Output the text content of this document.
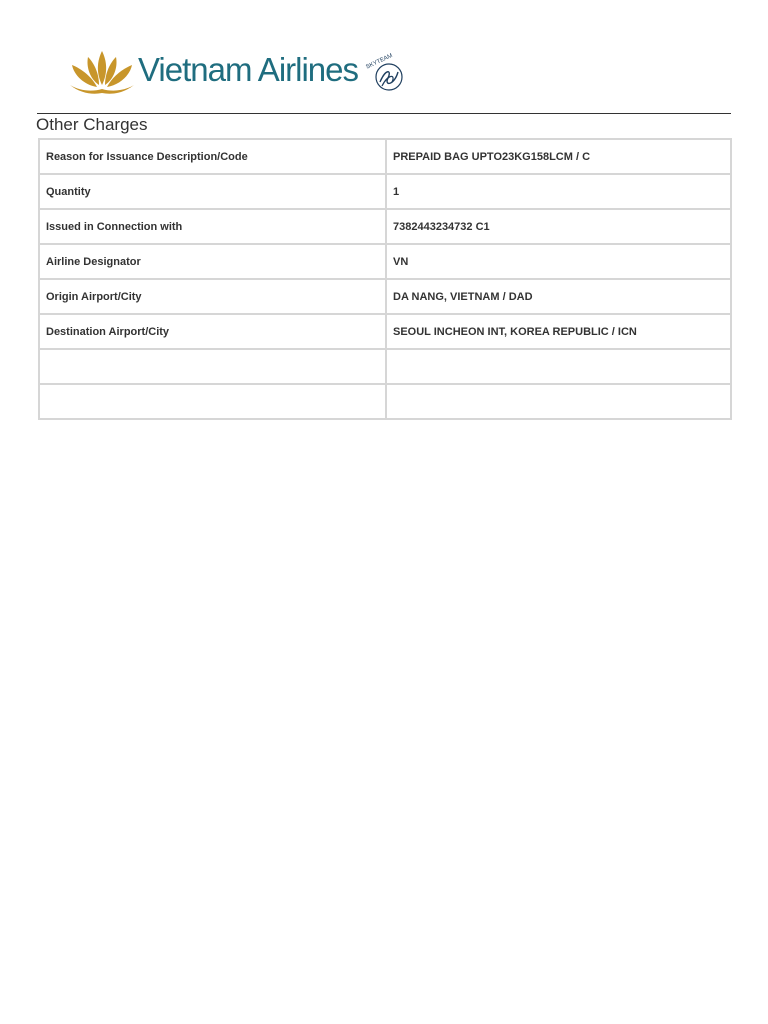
Vietnam Airlines SKYTEAM
Other Charges
Reason for Issuance Description/Code	PREPAID BAG UPTO23KG158LCM / C
Quantity	1
Issued in Connection with	7382443234732 C1
Airline Designator	VN
Origin Airport/City	DA NANG, VIETNAM / DAD
Destination Airport/City	SEOUL INCHEON INT, KOREA REPUBLIC / ICN
